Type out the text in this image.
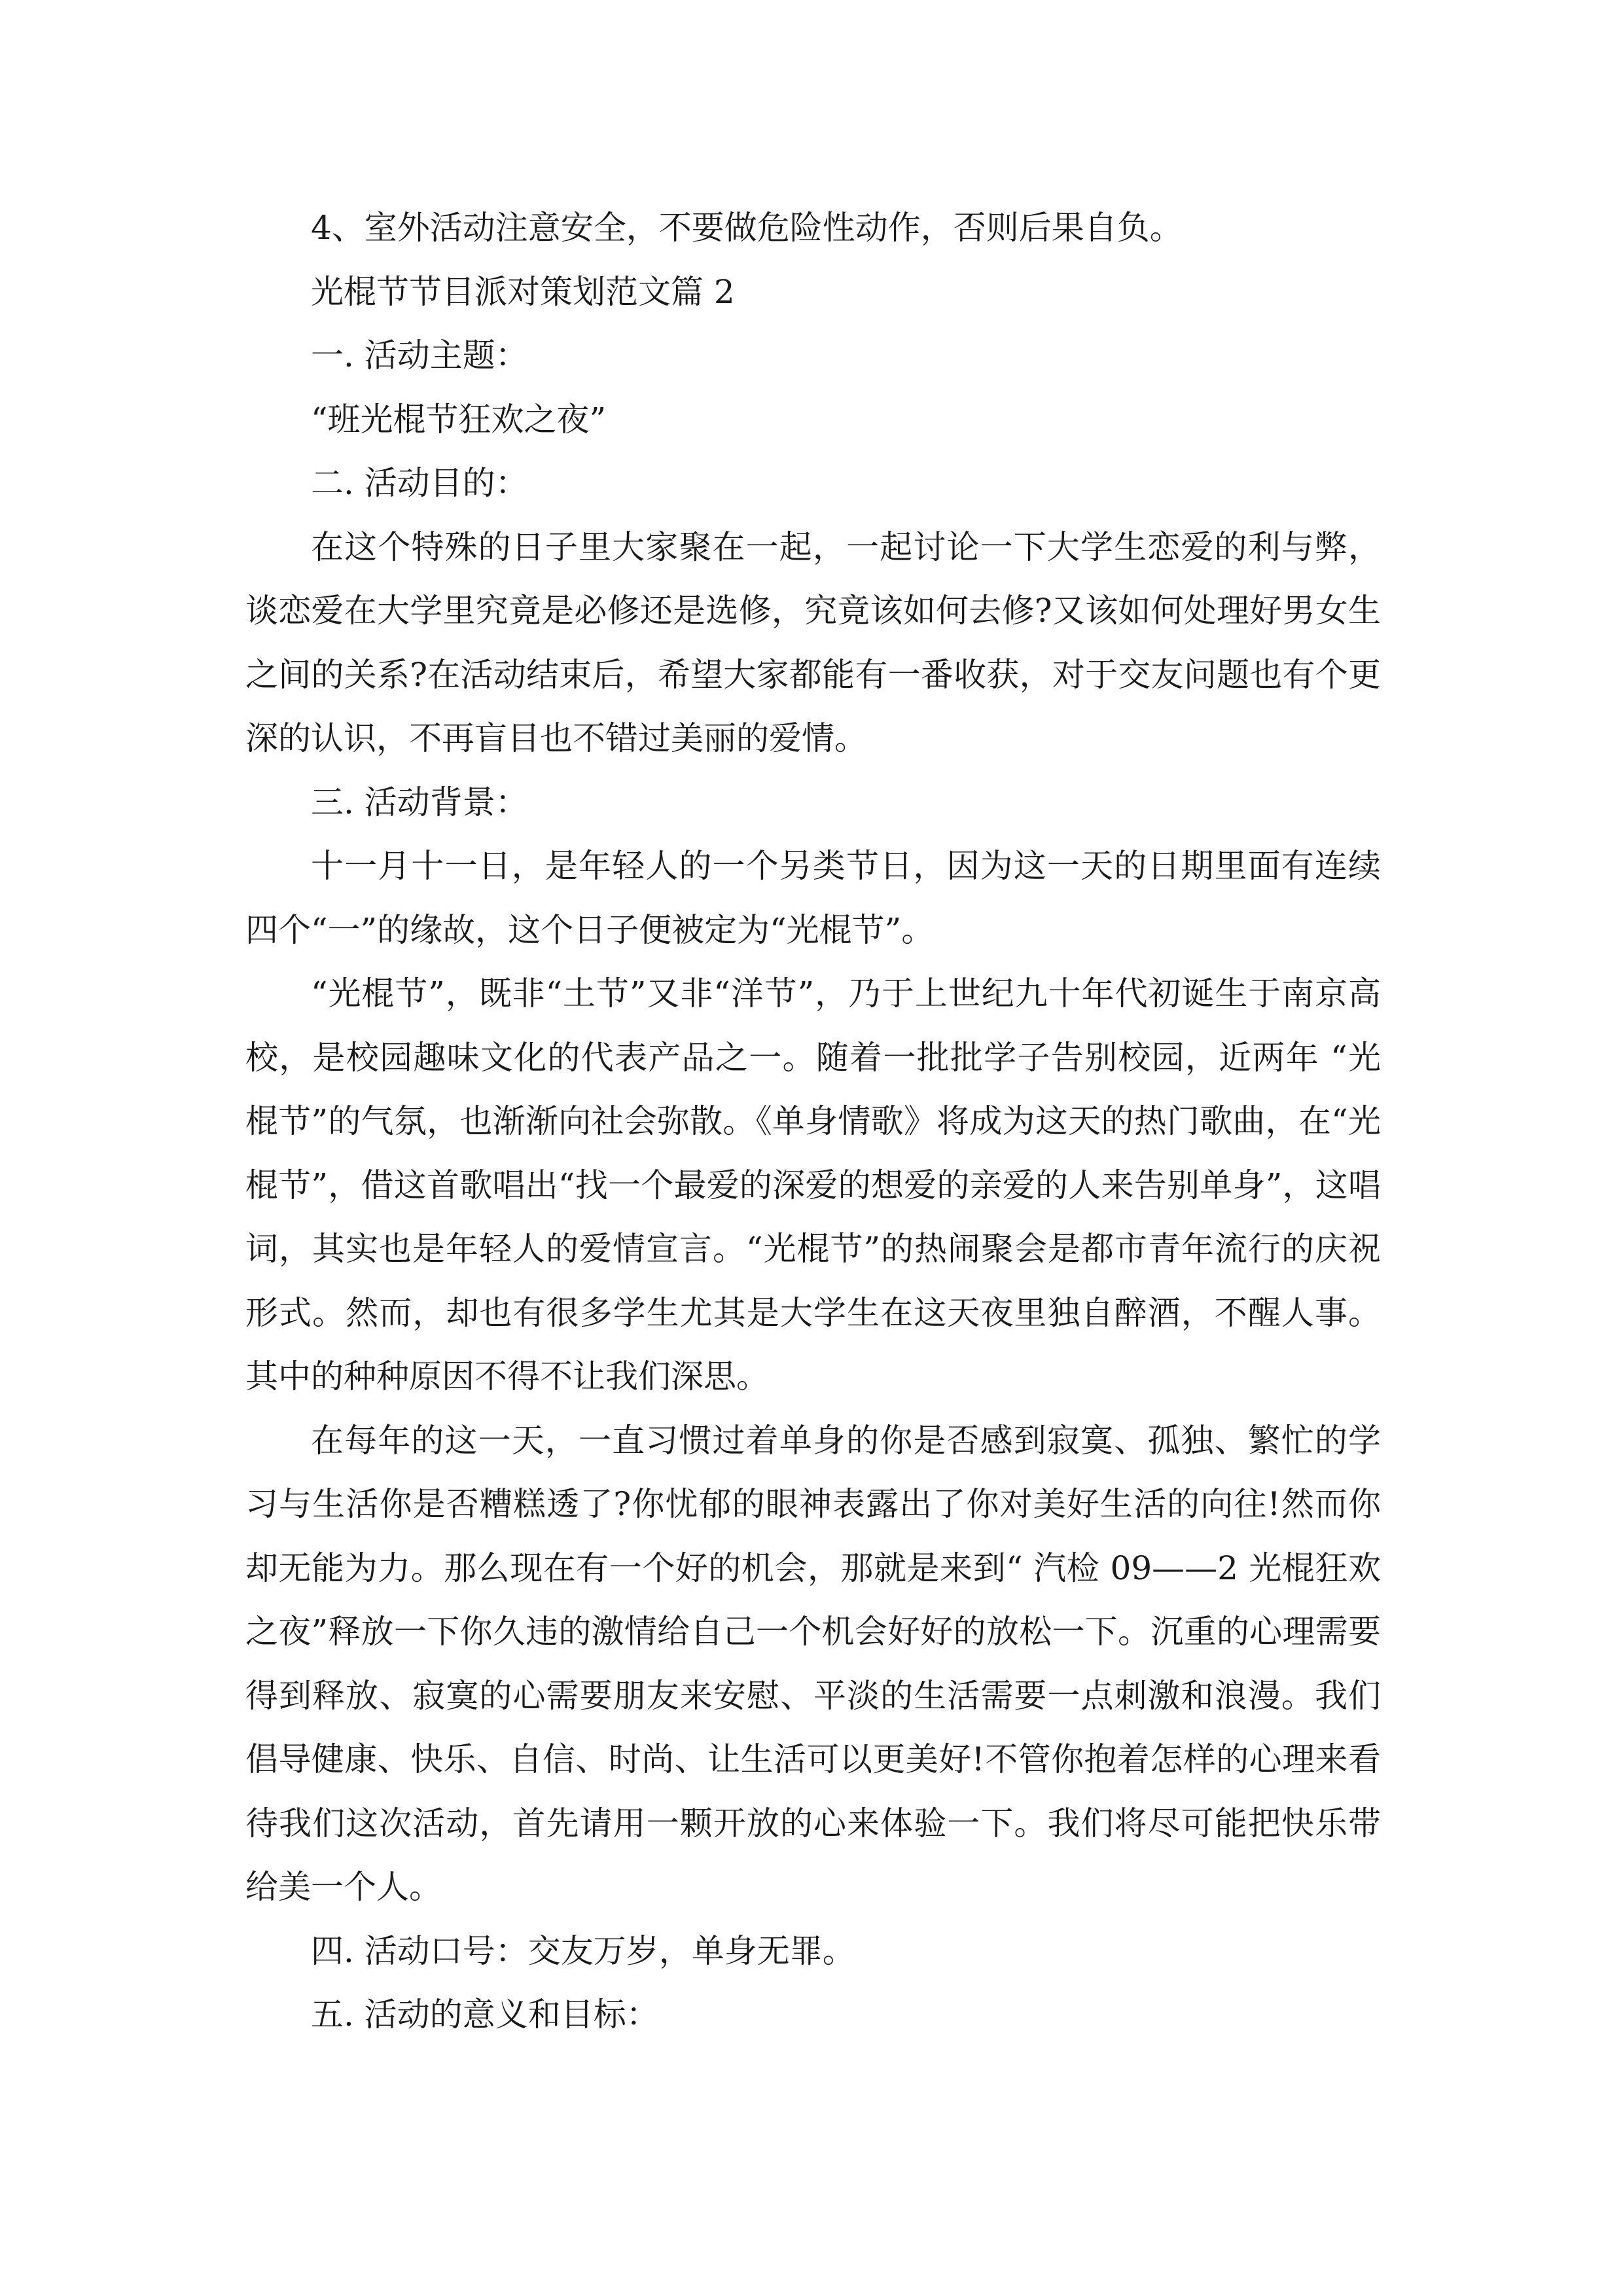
4、室外活动注意安全，不要做危险性动作，否则后果自负。

光棍节节目派对策划范文篇 2

一. 活动主题：

“班光棍节狂欢之夜”

二. 活动目的：

在这个特殊的日子里大家聚在一起，一起讨论一下大学生恋爱的利与弊，谈恋爱在大学里究竟是必修还是选修，究竟该如何去修?又该如何处理好男女生之间的关系?在活动结束后，希望大家都能有一番收获，对于交友问题也有个更深的认识，不再盲目也不错过美丽的爱情。

三. 活动背景：

十一月十一日，是年轻人的一个另类节日，因为这一天的日期里面有连续四个“一”的缘故，这个日子便被定为“光棍节”。

“光棍节”，既非“土节”又非“洋节”，乃于上世纪九十年代初诞生于南京高校，是校园趣味文化的代表产品之一。随着一批批学子告别校园，近两年 “光棍节”的气氛，也渐渐向社会弥散。《单身情歌》将成为这天的热门歌曲，在“光棍节”，借这首歌唱出“找一个最爱的深爱的想爱的亲爱的人来告别单身”，这唱词，其实也是年轻人的爱情宣言。“光棍节”的热闹聚会是都市青年流行的庆祝形式。然而，却也有很多学生尤其是大学生在这天夜里独自醉酒，不醒人事。其中的种种原因不得不让我们深思。

在每年的这一天，一直习惯过着单身的你是否感到寂寞、孤独、繁忙的学习与生活你是否糟糕透了?你忧郁的眼神表露出了你对美好生活的向往!然而你却无能为力。那么现在有一个好的机会，那就是来到“ 汽检 09——2 光棍狂欢之夜”释放一下你久违的激情给自己一个机会好好的放松一下。沉重的心理需要得到释放、寂寞的心需要朋友来安慰、平淡的生活需要一点刺激和浪漫。我们倡导健康、快乐、自信、时尚、让生活可以更美好!不管你抱着怎样的心理来看待我们这次活动，首先请用一颗开放的心来体验一下。我们将尽可能把快乐带给美一个人。

四. 活动口号：交友万岁，单身无罪。

五. 活动的意义和目标：
